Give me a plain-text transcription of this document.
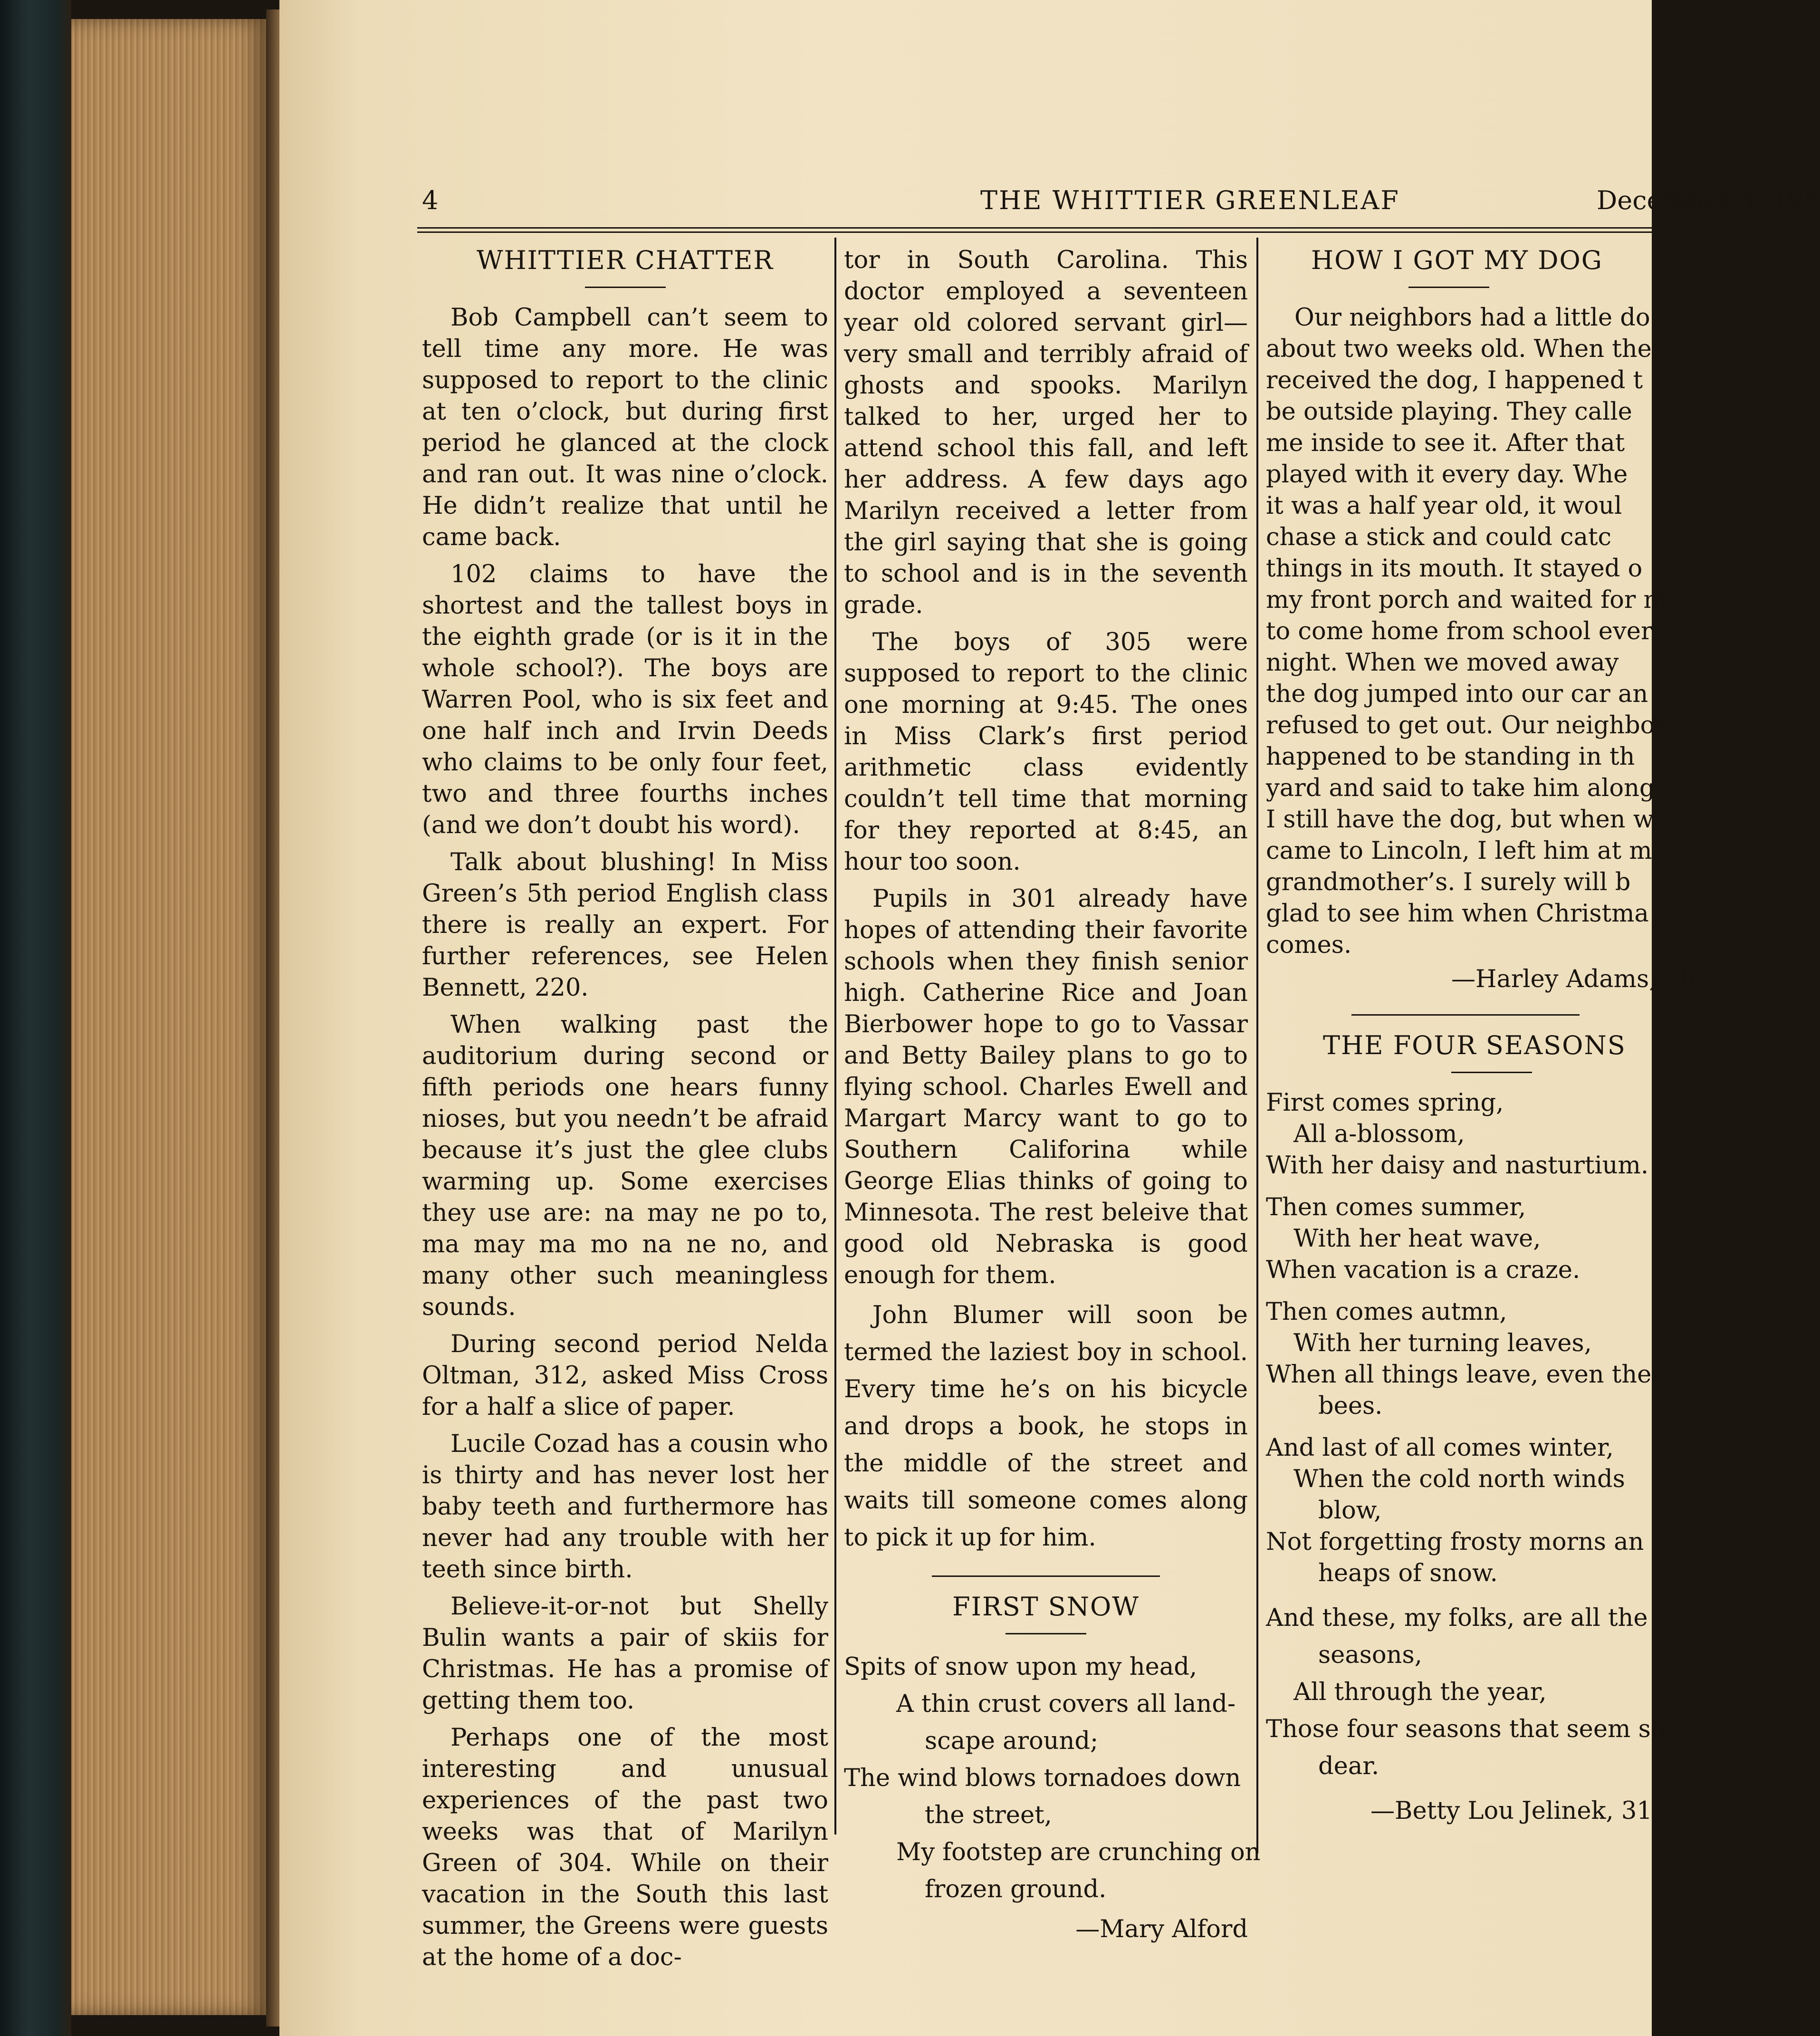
4	THE WHITTIER GREENLEAF	December 3, 193

WHITTIER CHATTER

Bob Campbell can’t seem to tell time any more. He was supposed to report to the clinic at ten o’clock, but during first period he glanced at the clock and ran out. It was nine o’clock. He didn’t realize that until he came back.

102 claims to have the shortest and the tallest boys in the eighth grade (or is it in the whole school?). The boys are Warren Pool, who is six feet and one half inch and Irvin Deeds who claims to be only four feet, two and three fourths inches (and we don’t doubt his word).

Talk about blushing! In Miss Green’s 5th period English class there is really an expert. For further references, see Helen Bennett, 220.

When walking past the auditorium during second or fifth periods one hears funny nioses, but you needn’t be afraid because it’s just the glee clubs warming up. Some exercises they use are: na may ne po to, ma may ma mo na ne no, and many other such meaningless sounds.

During second period Nelda Oltman, 312, asked Miss Cross for a half a slice of paper.

Lucile Cozad has a cousin who is thirty and has never lost her baby teeth and furthermore has never had any trouble with her teeth since birth.

Believe-it-or-not but Shelly Bulin wants a pair of skiis for Christmas. He has a promise of getting them too.

Perhaps one of the most interesting and unusual experiences of the past two weeks was that of Marilyn Green of 304. While on their vacation in the South this last summer, the Greens were guests at the home of a doc-

tor in South Carolina. This doctor employed a seventeen year old colored servant girl—very small and terribly afraid of ghosts and spooks. Marilyn talked to her, urged her to attend school this fall, and left her address. A few days ago Marilyn received a letter from the girl saying that she is going to school and is in the seventh grade.

The boys of 305 were supposed to report to the clinic one morning at 9:45. The ones in Miss Clark’s first period arithmetic class evidently couldn’t tell time that morning for they reported at 8:45, an hour too soon.

Pupils in 301 already have hopes of attending their favorite schools when they finish senior high. Catherine Rice and Joan Bierbower hope to go to Vassar and Betty Bailey plans to go to flying school. Charles Ewell and Margart Marcy want to go to Southern Califorina while George Elias thinks of going to Minnesota. The rest beleive that good old Nebraska is good enough for them.

John Blumer will soon be termed the laziest boy in school. Every time he’s on his bicycle and drops a book, he stops in the middle of the street and waits till someone comes along to pick it up for him.

FIRST SNOW

Spits of snow upon my head,
A thin crust covers all land-
scape around;
The wind blows tornadoes down
the street,
My footstep are crunching on
frozen ground.

—Mary Alford

HOW I GOT MY DOG

Our neighbors had a little do
about two weeks old. When the
received the dog, I happened t
be outside playing. They calle
me inside to see it. After that
played with it every day. Whe
it was a half year old, it woul
chase a stick and could catc
things in its mouth. It stayed o
my front porch and waited for m
to come home from school ever
night. When we moved away
the dog jumped into our car an
refused to get out. Our neighbor
happened to be standing in th
yard and said to take him along
I still have the dog, but when w
came to Lincoln, I left him at m
grandmother’s. I surely will b
glad to see him when Christma
comes.

—Harley Adams, 20

THE FOUR SEASONS

First comes spring,
All a-blossom,
With her daisy and nasturtium.
Then comes summer,
With her heat wave,
When vacation is a craze.
Then comes autmn,
With her turning leaves,
When all things leave, even the
bees.
And last of all comes winter,
When the cold north winds
blow,
Not forgetting frosty morns an
heaps of snow.
And these, my folks, are all the
seasons,
All through the year,
Those four seasons that seem so
dear.

—Betty Lou Jelinek, 31
